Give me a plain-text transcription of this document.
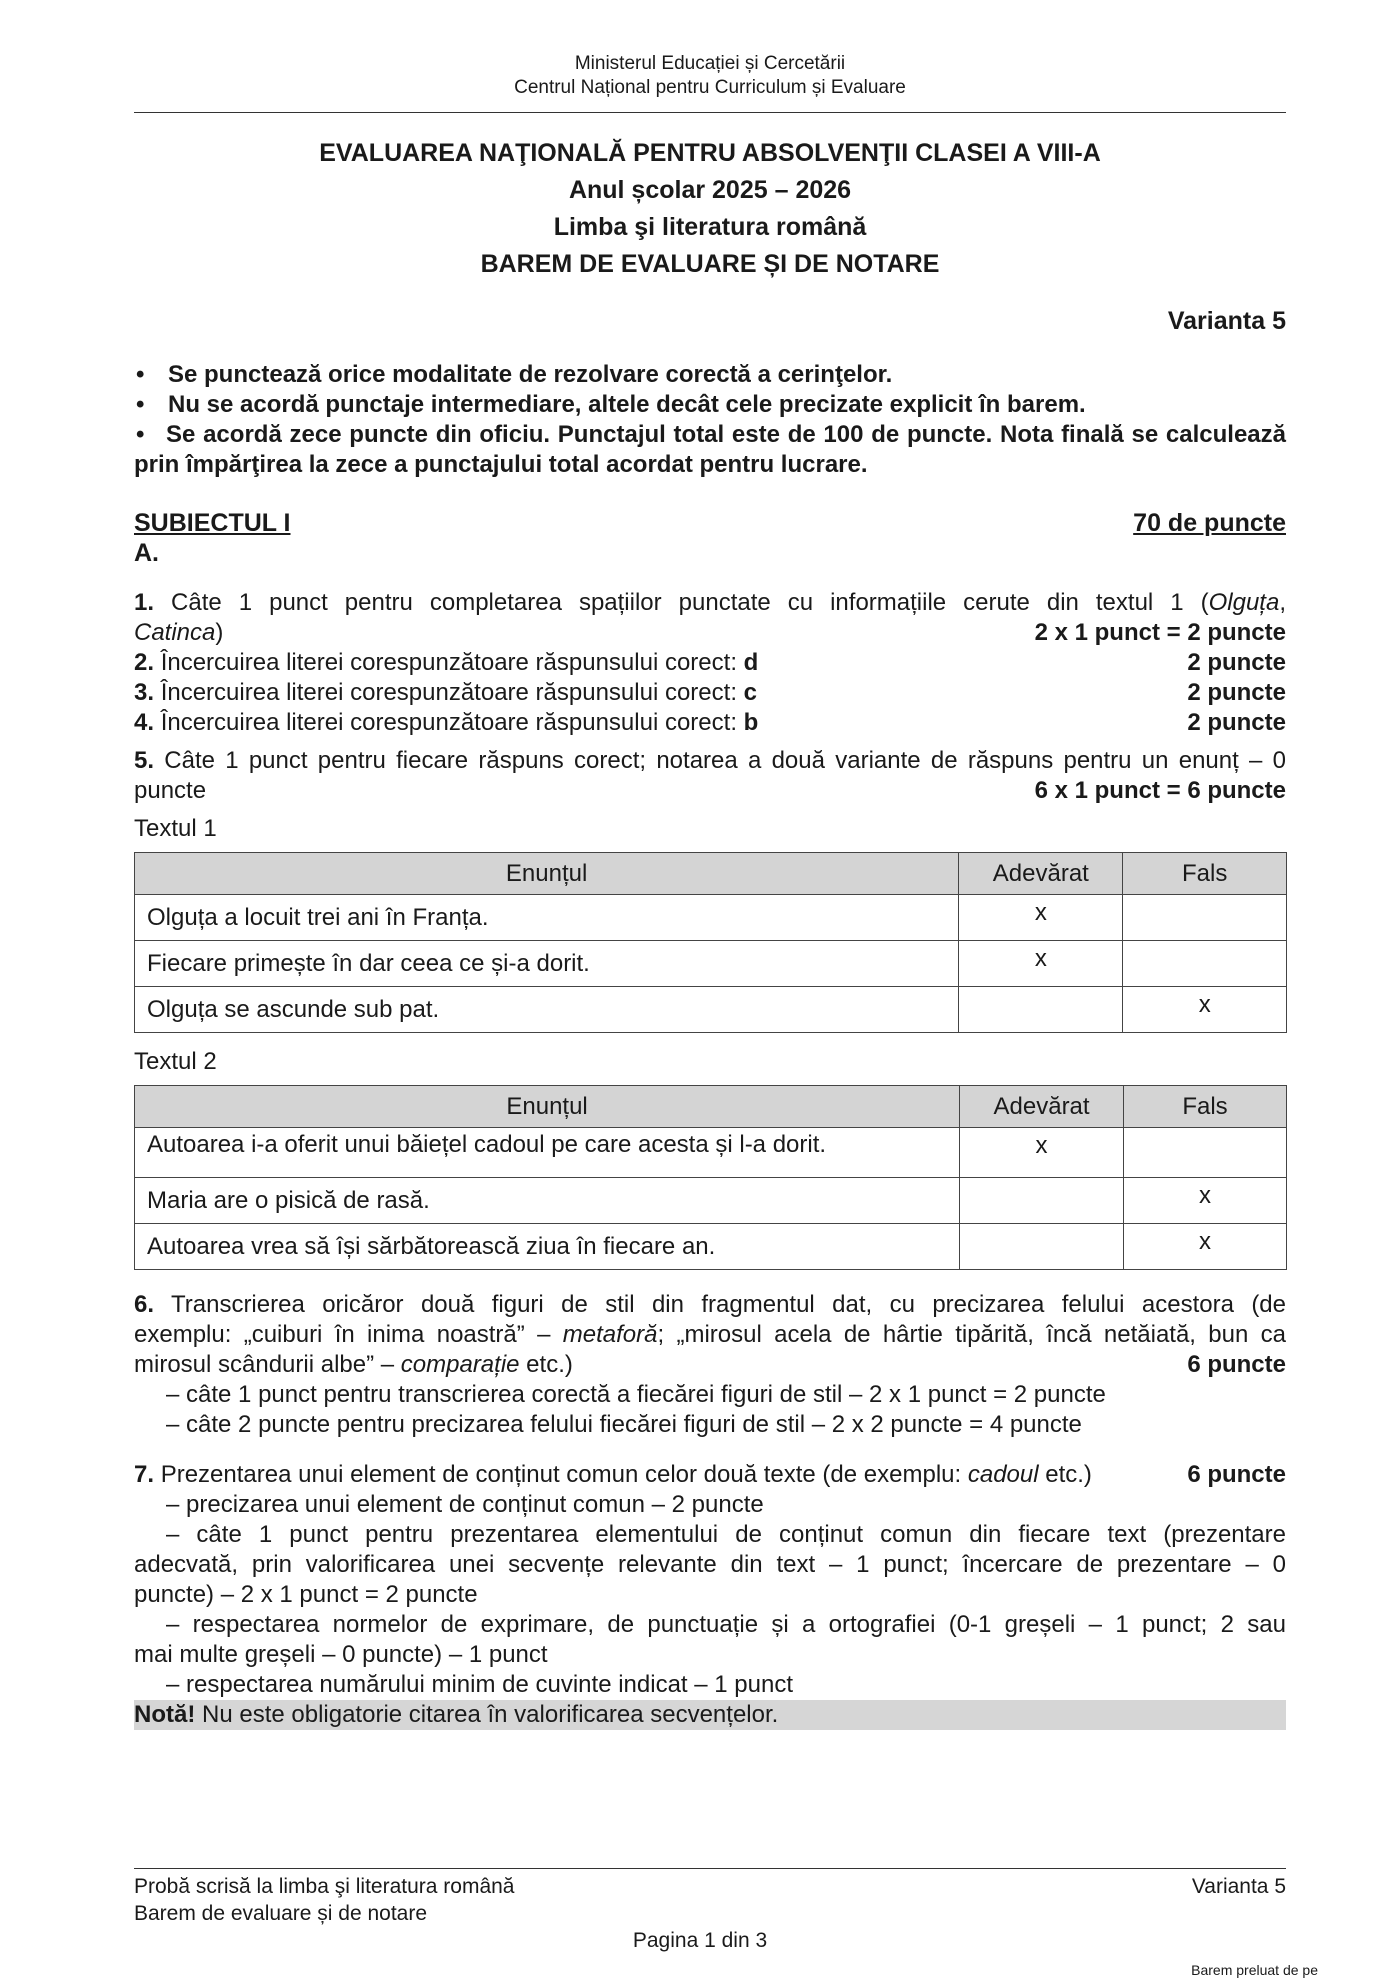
Ministerul Educației și Cercetării
Centrul Național pentru Curriculum și Evaluare
EVALUAREA NAŢIONALĂ PENTRU ABSOLVENŢII CLASEI A VIII-A
Anul școlar 2025 – 2026
Limba şi literatura română
BAREM DE EVALUARE ȘI DE NOTARE
Varianta 5
• Se punctează orice modalitate de rezolvare corectă a cerinţelor.
• Nu se acordă punctaje intermediare, altele decât cele precizate explicit în barem.
• Se acordă zece puncte din oficiu. Punctajul total este de 100 de puncte. Nota finală se calculează prin împărţirea la zece a punctajului total acordat pentru lucrare.
SUBIECTUL I	70 de puncte
A.
1. Câte 1 punct pentru completarea spațiilor punctate cu informațiile cerute din textul 1 (Olguța,
Catinca)	2 x 1 punct = 2 puncte
2. Încercuirea literei corespunzătoare răspunsului corect: d	2 puncte
3. Încercuirea literei corespunzătoare răspunsului corect: c	2 puncte
4. Încercuirea literei corespunzătoare răspunsului corect: b	2 puncte
5. Câte 1 punct pentru fiecare răspuns corect; notarea a două variante de răspuns pentru un enunț – 0
puncte	6 x 1 punct = 6 puncte
Textul 1
Enunțul	Adevărat	Fals
Olguța a locuit trei ani în Franța.	x	
Fiecare primește în dar ceea ce și-a dorit.	x	
Olguța se ascunde sub pat.		x
Textul 2
Enunțul	Adevărat	Fals
Autoarea i-a oferit unui băiețel cadoul pe care acesta și l-a dorit.	x	
Maria are o pisică de rasă.		x
Autoarea vrea să își sărbătorească ziua în fiecare an.		x
6. Transcrierea oricăror două figuri de stil din fragmentul dat, cu precizarea felului acestora (de
exemplu: „cuiburi în inima noastră” – metaforă; „mirosul acela de hârtie tipărită, încă netăiată, bun ca
mirosul scândurii albe” – comparație etc.)	6 puncte
– câte 1 punct pentru transcrierea corectă a fiecărei figuri de stil – 2 x 1 punct = 2 puncte
– câte 2 puncte pentru precizarea felului fiecărei figuri de stil – 2 x 2 puncte = 4 puncte
7. Prezentarea unui element de conținut comun celor două texte (de exemplu: cadoul etc.)	6 puncte
– precizarea unui element de conținut comun – 2 puncte
– câte 1 punct pentru prezentarea elementului de conținut comun din fiecare text (prezentare
adecvată, prin valorificarea unei secvențe relevante din text – 1 punct; încercare de prezentare – 0
puncte) – 2 x 1 punct = 2 puncte
– respectarea normelor de exprimare, de punctuație și a ortografiei (0-1 greșeli – 1 punct; 2 sau
mai multe greșeli – 0 puncte) – 1 punct
– respectarea numărului minim de cuvinte indicat – 1 punct
Notă! Nu este obligatorie citarea în valorificarea secvențelor.
Probă scrisă la limba şi literatura română	Varianta 5
Barem de evaluare și de notare
Pagina 1 din 3
Barem preluat de pe
